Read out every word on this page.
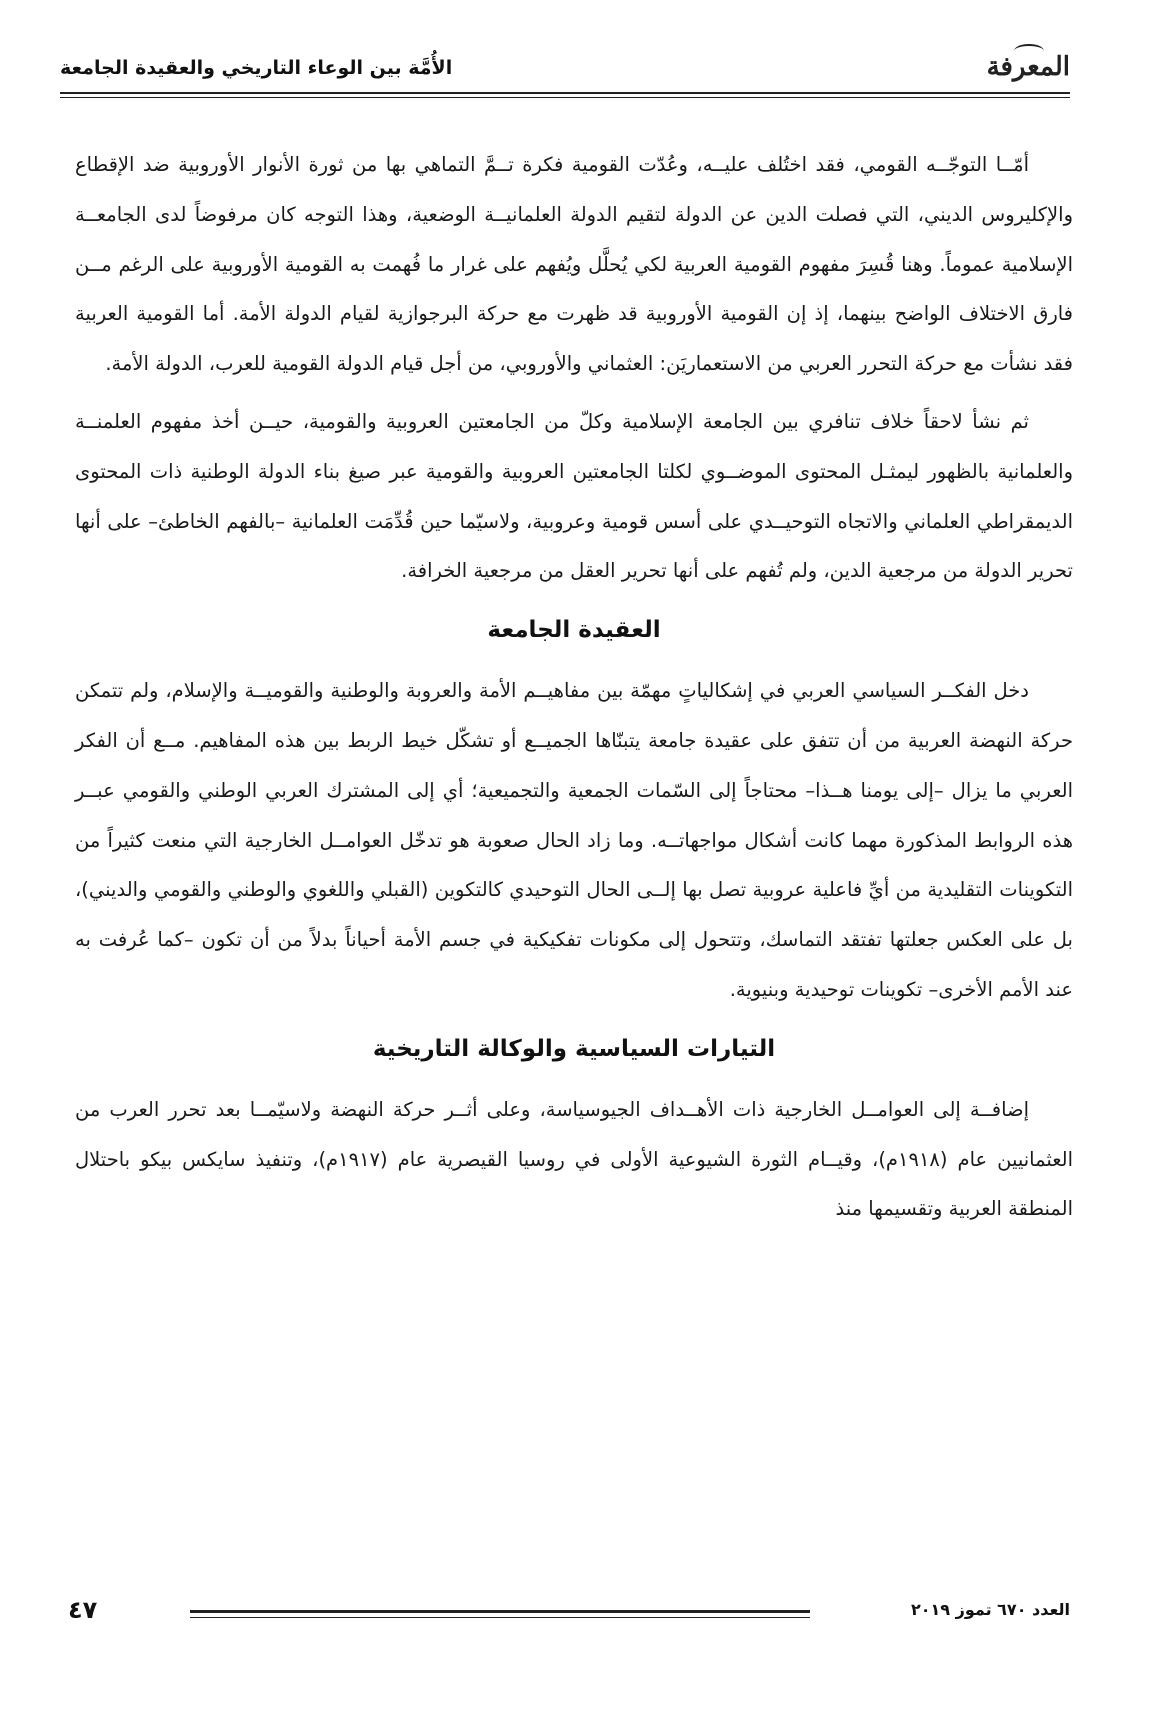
المعرفة
الأُمَّة بين الوعاء التاريخي والعقيدة الجامعة

أمّــا التوجّــه القومي، فقد اختُلف عليــه، وعُدّت القومية فكرة تــمَّ التماهي بها من ثورة الأنوار الأوروبية ضد الإقطاع والإكليروس الديني، التي فصلت الدين عن الدولة لتقيم الدولة العلمانيــة الوضعية، وهذا التوجه كان مرفوضاً لدى الجامعــة الإسلامية عموماً. وهنا قُسِرَ مفهوم القومية العربية لكي يُحلَّل ويُفهم على غرار ما فُهمت به القومية الأوروبية على الرغم مــن فارق الاختلاف الواضح بينهما، إذ إن القومية الأوروبية قد ظهرت مع حركة البرجوازية لقيام الدولة الأمة. أما القومية العربية فقد نشأت مع حركة التحرر العربي من الاستعماريَن: العثماني والأوروبي، من أجل قيام الدولة القومية للعرب، الدولة الأمة.

ثم نشأ لاحقاً خلاف تنافري بين الجامعة الإسلامية وكلّ من الجامعتين العروبية والقومية، حيــن أخذ مفهوم العلمنــة والعلمانية بالظهور ليمثـل المحتوى الموضــوي لكلتا الجامعتين العروبية والقومية عبر صيغ بناء الدولة الوطنية ذات المحتوى الديمقراطي العلماني والاتجاه التوحيــدي على أسس قومية وعروبية، ولاسيّما حين قُدِّمَت العلمانية –بالفهم الخاطئ– على أنها تحرير الدولة من مرجعية الدين، ولم تُفهم على أنها تحرير العقل من مرجعية الخرافة.

العقيدة الجامعة

دخل الفكــر السياسي العربي في إشكالياتٍ مهمّة بين مفاهيــم الأمة والعروبة والوطنية والقوميــة والإسلام، ولم تتمكن حركة النهضة العربية من أن تتفق على عقيدة جامعة يتبنّاها الجميــع أو تشكّل خيط الربط بين هذه المفاهيم. مــع أن الفكر العربي ما يزال –إلى يومنا هــذا– محتاجاً إلى السّمات الجمعية والتجميعية؛ أي إلى المشترك العربي الوطني والقومي عبــر هذه الروابط المذكورة مهما كانت أشكال مواجهاتــه. وما زاد الحال صعوبة هو تدخّل العوامــل الخارجية التي منعت كثيراً من التكوينات التقليدية من أيِّ فاعلية عروبية تصل بها إلــى الحال التوحيدي كالتكوين (القبلي واللغوي والوطني والقومي والديني)، بل على العكس جعلتها تفتقد التماسك، وتتحول إلى مكونات تفكيكية في جسم الأمة أحياناً بدلاً من أن تكون –كما عُرفت به عند الأمم الأخرى– تكوينات توحيدية وبنيوية.

التيارات السياسية والوكالة التاريخية

إضافــة إلى العوامــل الخارجية ذات الأهــداف الجيوسياسة، وعلى أثــر حركة النهضة ولاسيّمــا بعد تحرر العرب من العثمانيين عام (١٩١٨م)، وقيــام الثورة الشيوعية الأولى في روسيا القيصرية عام (١٩١٧م)، وتنفيذ سايكس بيكو باحتلال المنطقة العربية وتقسيمها منذ

العدد ٦٧٠ تموز ٢٠١٩
٤٧
